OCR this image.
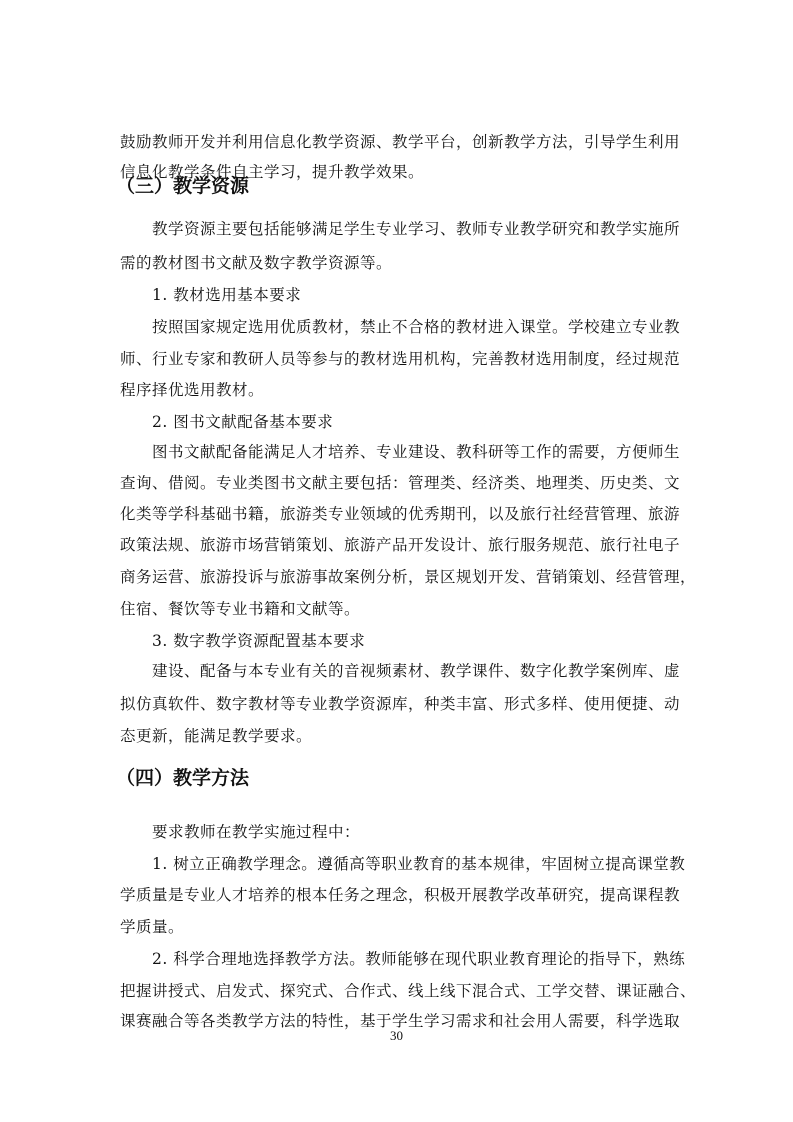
鼓励教师开发并利用信息化教学资源、教学平台，创新教学方法，引导学生利用

信息化教学条件自主学习，提升教学效果。

（三）教学资源

教学资源主要包括能够满足学生专业学习、教师专业教学研究和教学实施所

需的教材图书文献及数字教学资源等。

1. 教材选用基本要求

按照国家规定选用优质教材，禁止不合格的教材进入课堂。学校建立专业教

师、行业专家和教研人员等参与的教材选用机构，完善教材选用制度，经过规范

程序择优选用教材。

2. 图书文献配备基本要求

图书文献配备能满足人才培养、专业建设、教科研等工作的需要，方便师生

查询、借阅。专业类图书文献主要包括：管理类、经济类、地理类、历史类、文

化类等学科基础书籍，旅游类专业领域的优秀期刊，以及旅行社经营管理、旅游

政策法规、旅游市场营销策划、旅游产品开发设计、旅行服务规范、旅行社电子

商务运营、旅游投诉与旅游事故案例分析，景区规划开发、营销策划、经营管理，

住宿、餐饮等专业书籍和文献等。

3. 数字教学资源配置基本要求

建设、配备与本专业有关的音视频素材、教学课件、数字化教学案例库、虚

拟仿真软件、数字教材等专业教学资源库，种类丰富、形式多样、使用便捷、动

态更新，能满足教学要求。

（四）教学方法

要求教师在教学实施过程中：

1. 树立正确教学理念。遵循高等职业教育的基本规律，牢固树立提高课堂教

学质量是专业人才培养的根本任务之理念，积极开展教学改革研究，提高课程教

学质量。

2. 科学合理地选择教学方法。教师能够在现代职业教育理论的指导下，熟练

把握讲授式、启发式、探究式、合作式、线上线下混合式、工学交替、课证融合、

课赛融合等各类教学方法的特性，基于学生学习需求和社会用人需要，科学选取

30
